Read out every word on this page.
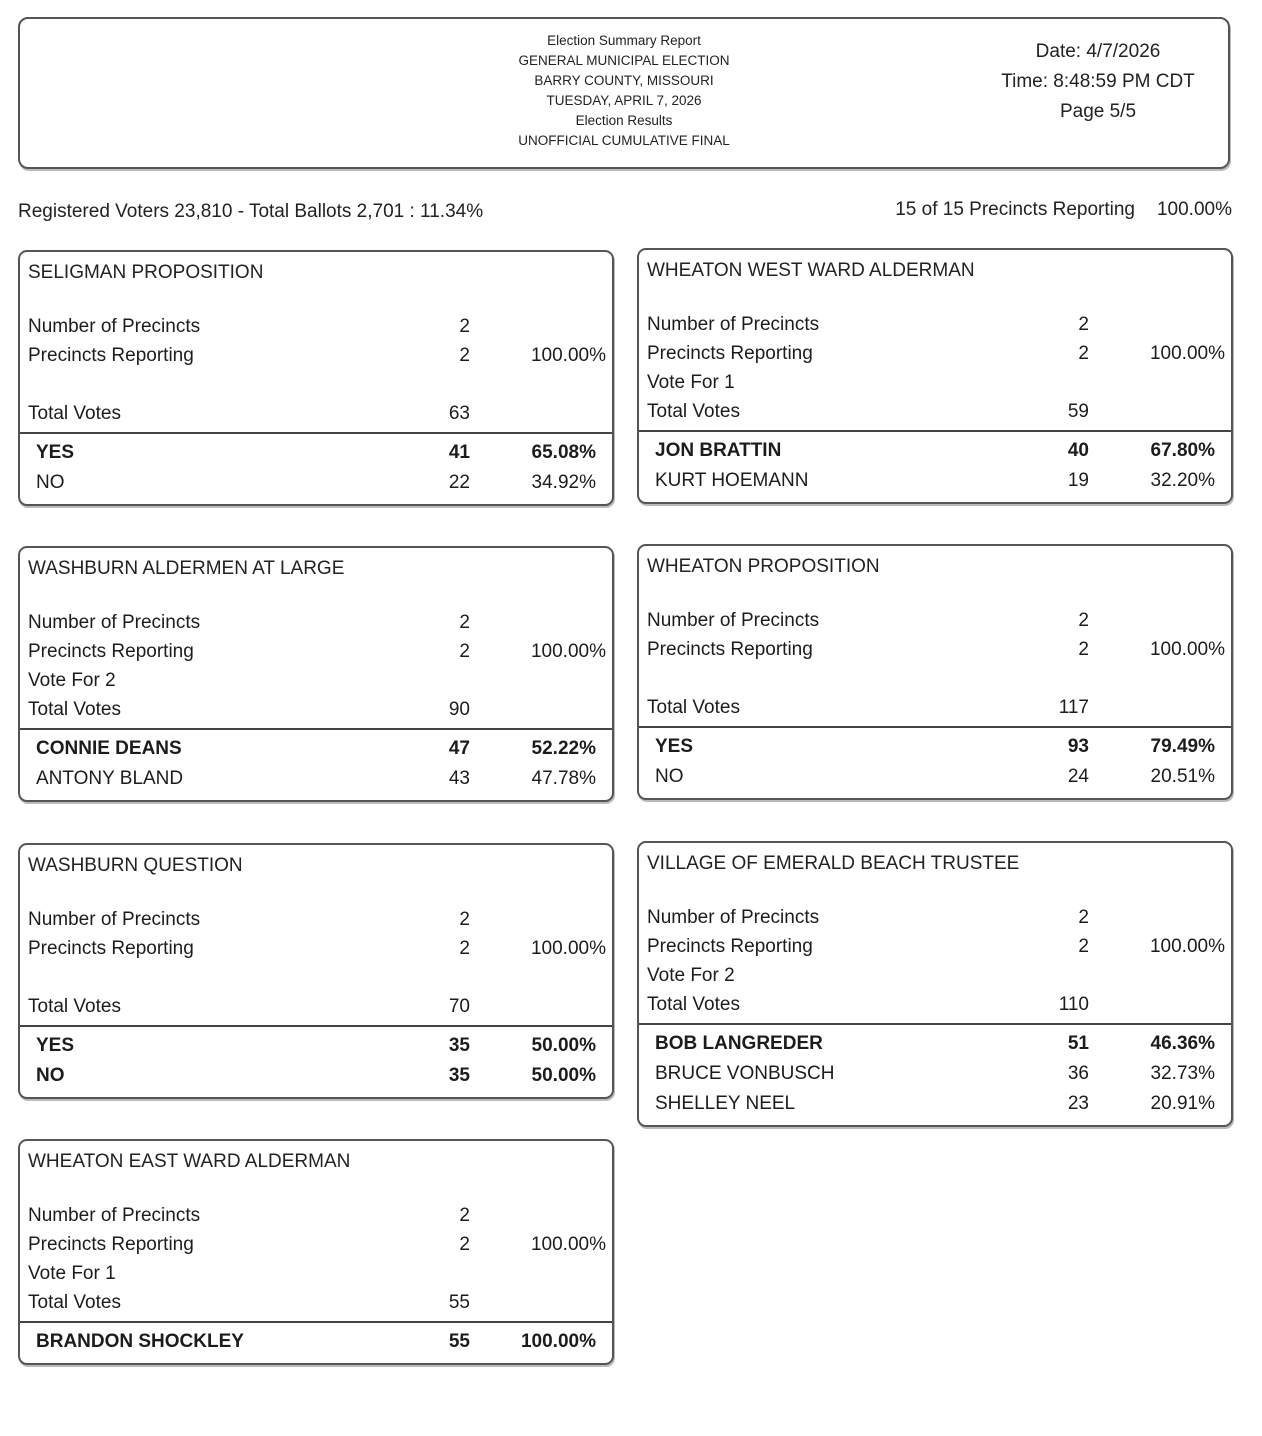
Election Summary Report
GENERAL MUNICIPAL ELECTION
BARRY COUNTY, MISSOURI
TUESDAY, APRIL 7, 2026
Election Results
UNOFFICIAL CUMULATIVE FINAL
Date: 4/7/2026
Time: 8:48:59 PM CDT
Page 5/5
Registered Voters 23,810 - Total Ballots 2,701 : 11.34%	15 of 15 Precincts Reporting 100.00%
SELIGMAN PROPOSITION
Number of Precincts	2
Precincts Reporting	2	100.00%
Total Votes	63
YES	41	65.08%
NO	22	34.92%
WHEATON WEST WARD ALDERMAN
Number of Precincts	2
Precincts Reporting	2	100.00%
Vote For 1
Total Votes	59
JON BRATTIN	40	67.80%
KURT HOEMANN	19	32.20%
WASHBURN ALDERMEN AT LARGE
Number of Precincts	2
Precincts Reporting	2	100.00%
Vote For 2
Total Votes	90
CONNIE DEANS	47	52.22%
ANTONY BLAND	43	47.78%
WHEATON PROPOSITION
Number of Precincts	2
Precincts Reporting	2	100.00%
Total Votes	117
YES	93	79.49%
NO	24	20.51%
WASHBURN QUESTION
Number of Precincts	2
Precincts Reporting	2	100.00%
Total Votes	70
YES	35	50.00%
NO	35	50.00%
VILLAGE OF EMERALD BEACH TRUSTEE
Number of Precincts	2
Precincts Reporting	2	100.00%
Vote For 2
Total Votes	110
BOB LANGREDER	51	46.36%
BRUCE VONBUSCH	36	32.73%
SHELLEY NEEL	23	20.91%
WHEATON EAST WARD ALDERMAN
Number of Precincts	2
Precincts Reporting	2	100.00%
Vote For 1
Total Votes	55
BRANDON SHOCKLEY	55	100.00%
